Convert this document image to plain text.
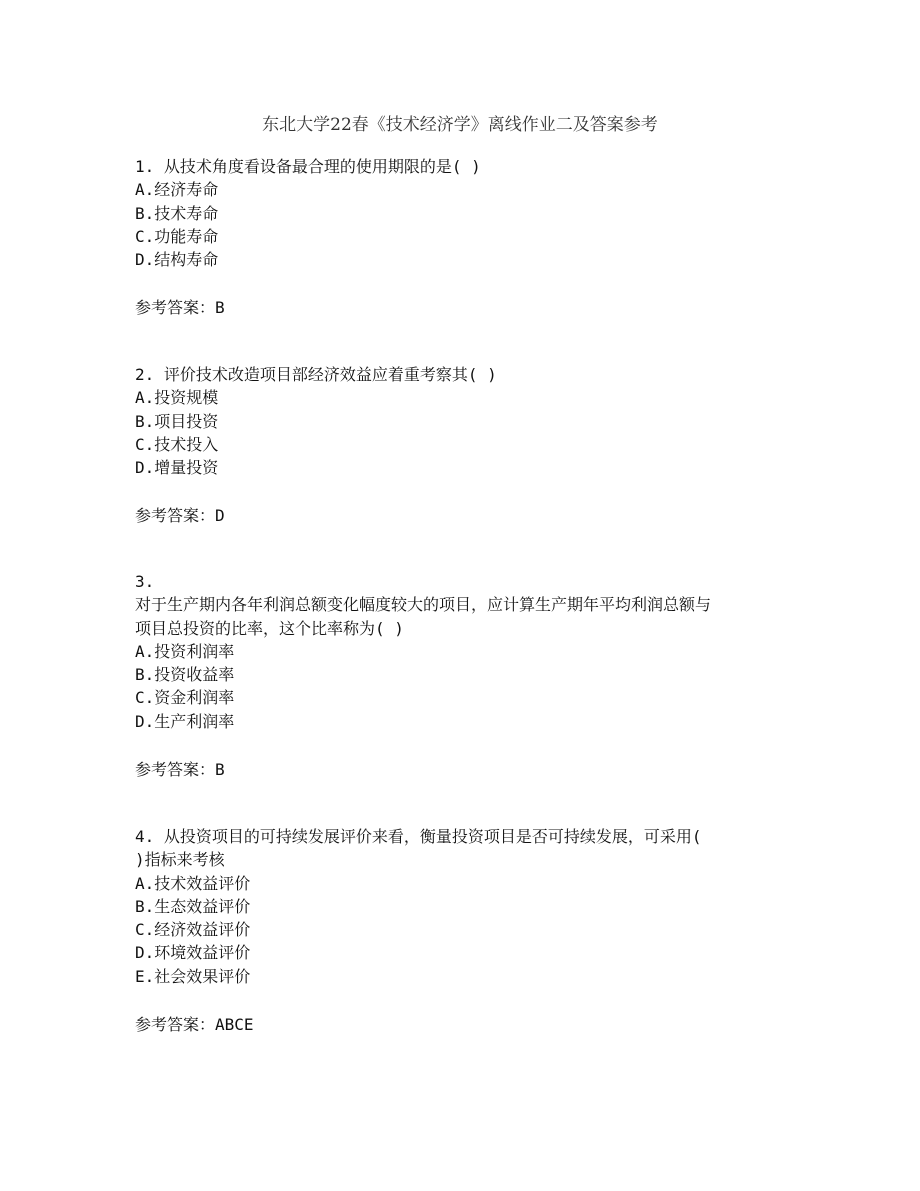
东北大学22春《技术经济学》离线作业二及答案参考
1. 从技术角度看设备最合理的使用期限的是( )
A.经济寿命
B.技术寿命
C.功能寿命
D.结构寿命
参考答案：B
2. 评价技术改造项目部经济效益应着重考察其( )
A.投资规模
B.项目投资
C.技术投入
D.增量投资
参考答案：D
3.
对于生产期内各年利润总额变化幅度较大的项目，应计算生产期年平均利润总额与
项目总投资的比率，这个比率称为( )
A.投资利润率
B.投资收益率
C.资金利润率
D.生产利润率
参考答案：B
4. 从投资项目的可持续发展评价来看，衡量投资项目是否可持续发展，可采用(
)指标来考核
A.技术效益评价
B.生态效益评价
C.经济效益评价
D.环境效益评价
E.社会效果评价
参考答案：ABCE
